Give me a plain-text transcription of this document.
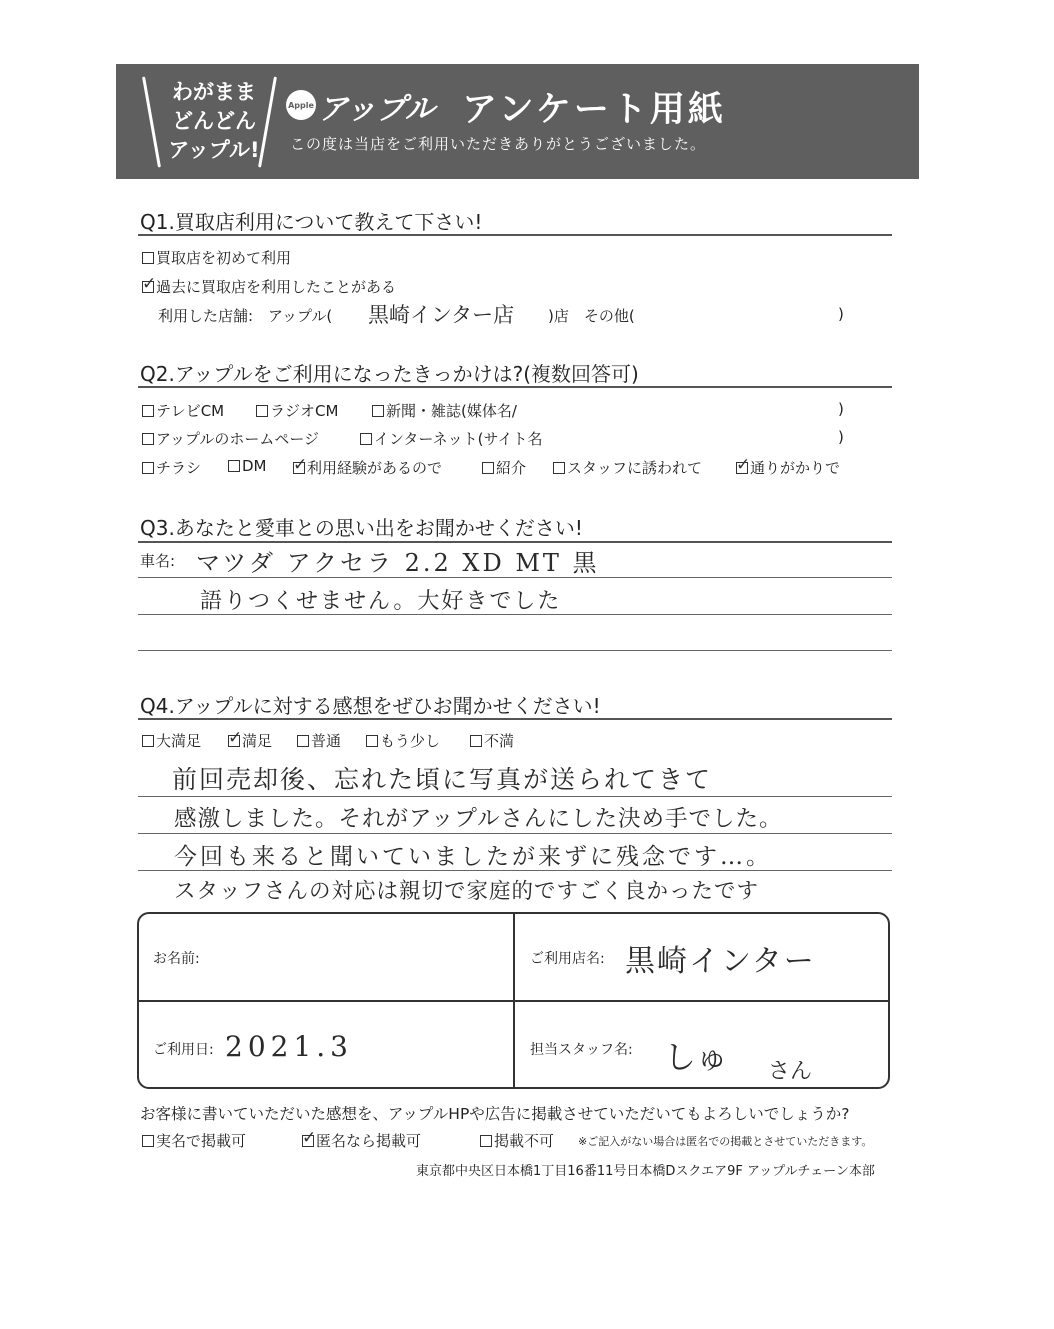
わがまま
どんどん
アップル!
Apple アップル アンケート用紙
この度は当店をご利用いただきありがとうございました。
Q1.買取店利用について教えて下さい!
買取店を初めて利用
✓過去に買取店を利用したことがある
利用した店舗:　アップル( 黒崎インター店 )店　その他(	)
Q2.アップルをご利用になったきっかけは?(複数回答可)
テレビCM	ラジオCM	新聞・雑誌(媒体名/	)
アップルのホームページ	インターネット(サイト名	)
チラシ	DM ✓	利用経験があるので	紹介	スタッフに誘われて ✓	通りがかりで
Q3.あなたと愛車との思い出をお聞かせください!
車名: マツダ アクセラ 2.2 XD MT 黒
語りつくせません。大好きでした
Q4.アップルに対する感想をぜひお聞かせください!
大満足 ✓	満足	普通	もう少し	不満
前回売却後、忘れた頃に写真が送られてきて
感激しました。それがアップルさんにした決め手でした。
今回も来ると聞いていましたが来ずに残念です…。
スタッフさんの対応は親切で家庭的ですごく良かったです
お名前:	ご利用店名: 黒崎インター
ご利用日: 2021.3	担当スタッフ名: しゅ さん
お客様に書いていただいた感想を、アップルHPや広告に掲載させていただいてもよろしいでしょうか?
実名で掲載可 ✓	匿名なら掲載可	掲載不可 ※ご記入がない場合は匿名での掲載とさせていただきます。
東京都中央区日本橋1丁目16番11号日本橋Dスクエア9F アップルチェーン本部
